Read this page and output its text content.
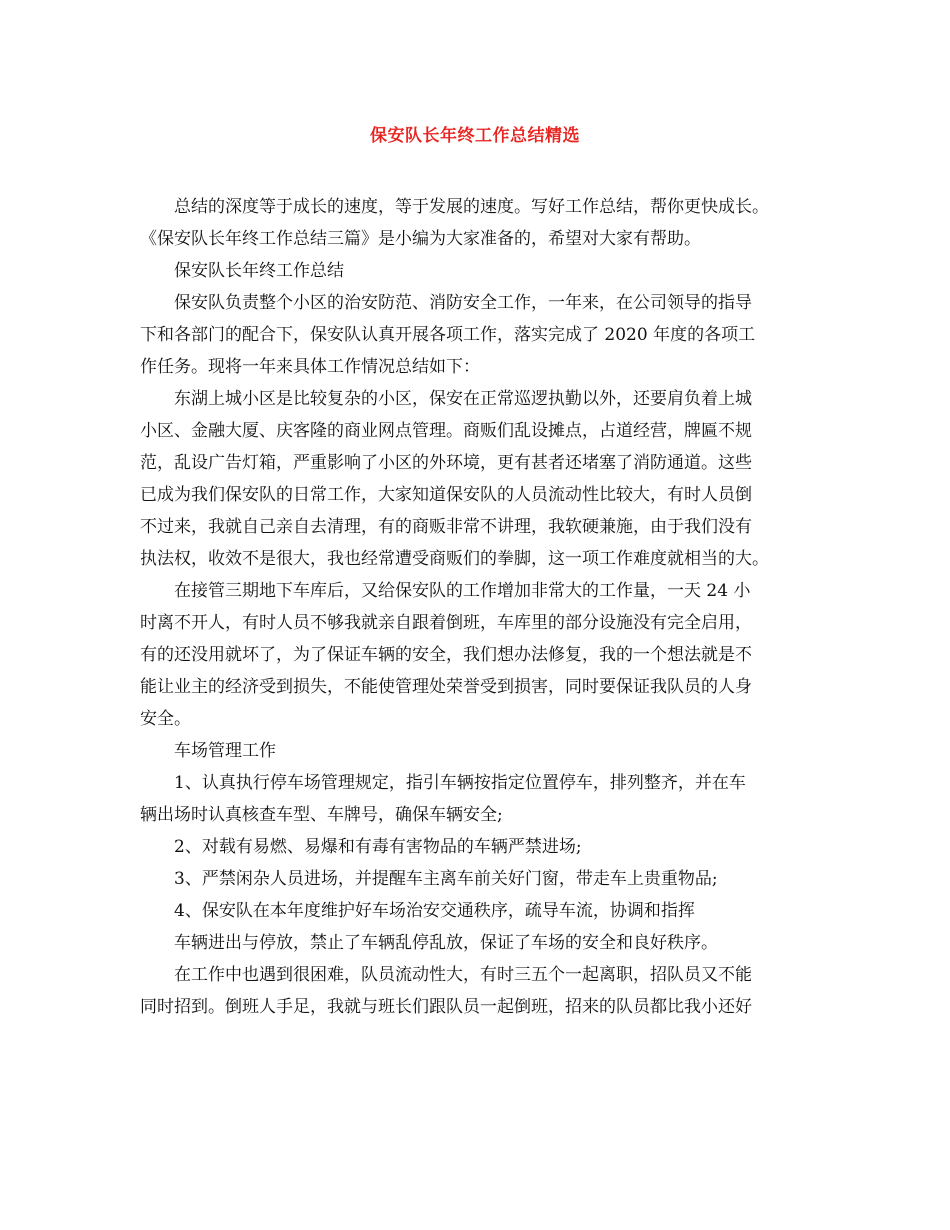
保安队长年终工作总结精选
总结的深度等于成长的速度，等于发展的速度。写好工作总结，帮你更快成长。
《保安队长年终工作总结三篇》是小编为大家准备的，希望对大家有帮助。
保安队长年终工作总结
保安队负责整个小区的治安防范、消防安全工作，一年来，在公司领导的指导
下和各部门的配合下，保安队认真开展各项工作，落实完成了 2020 年度的各项工
作任务。现将一年来具体工作情况总结如下：
东湖上城小区是比较复杂的小区，保安在正常巡逻执勤以外，还要肩负着上城
小区、金融大厦、庆客隆的商业网点管理。商贩们乱设摊点，占道经营，牌匾不规
范，乱设广告灯箱，严重影响了小区的外环境，更有甚者还堵塞了消防通道。这些
已成为我们保安队的日常工作，大家知道保安队的人员流动性比较大，有时人员倒
不过来，我就自己亲自去清理，有的商贩非常不讲理，我软硬兼施，由于我们没有
执法权，收效不是很大，我也经常遭受商贩们的拳脚，这一项工作难度就相当的大。
在接管三期地下车库后，又给保安队的工作增加非常大的工作量，一天 24 小
时离不开人，有时人员不够我就亲自跟着倒班，车库里的部分设施没有完全启用，
有的还没用就坏了，为了保证车辆的安全，我们想办法修复，我的一个想法就是不
能让业主的经济受到损失，不能使管理处荣誉受到损害，同时要保证我队员的人身
安全。
车场管理工作
1、认真执行停车场管理规定，指引车辆按指定位置停车，排列整齐，并在车
辆出场时认真核查车型、车牌号，确保车辆安全;
2、对载有易燃、易爆和有毒有害物品的车辆严禁进场;
3、严禁闲杂人员进场，并提醒车主离车前关好门窗，带走车上贵重物品;
4、保安队在本年度维护好车场治安交通秩序，疏导车流，协调和指挥
车辆进出与停放，禁止了车辆乱停乱放，保证了车场的安全和良好秩序。
在工作中也遇到很困难，队员流动性大，有时三五个一起离职，招队员又不能
同时招到。倒班人手足，我就与班长们跟队员一起倒班，招来的队员都比我小还好
